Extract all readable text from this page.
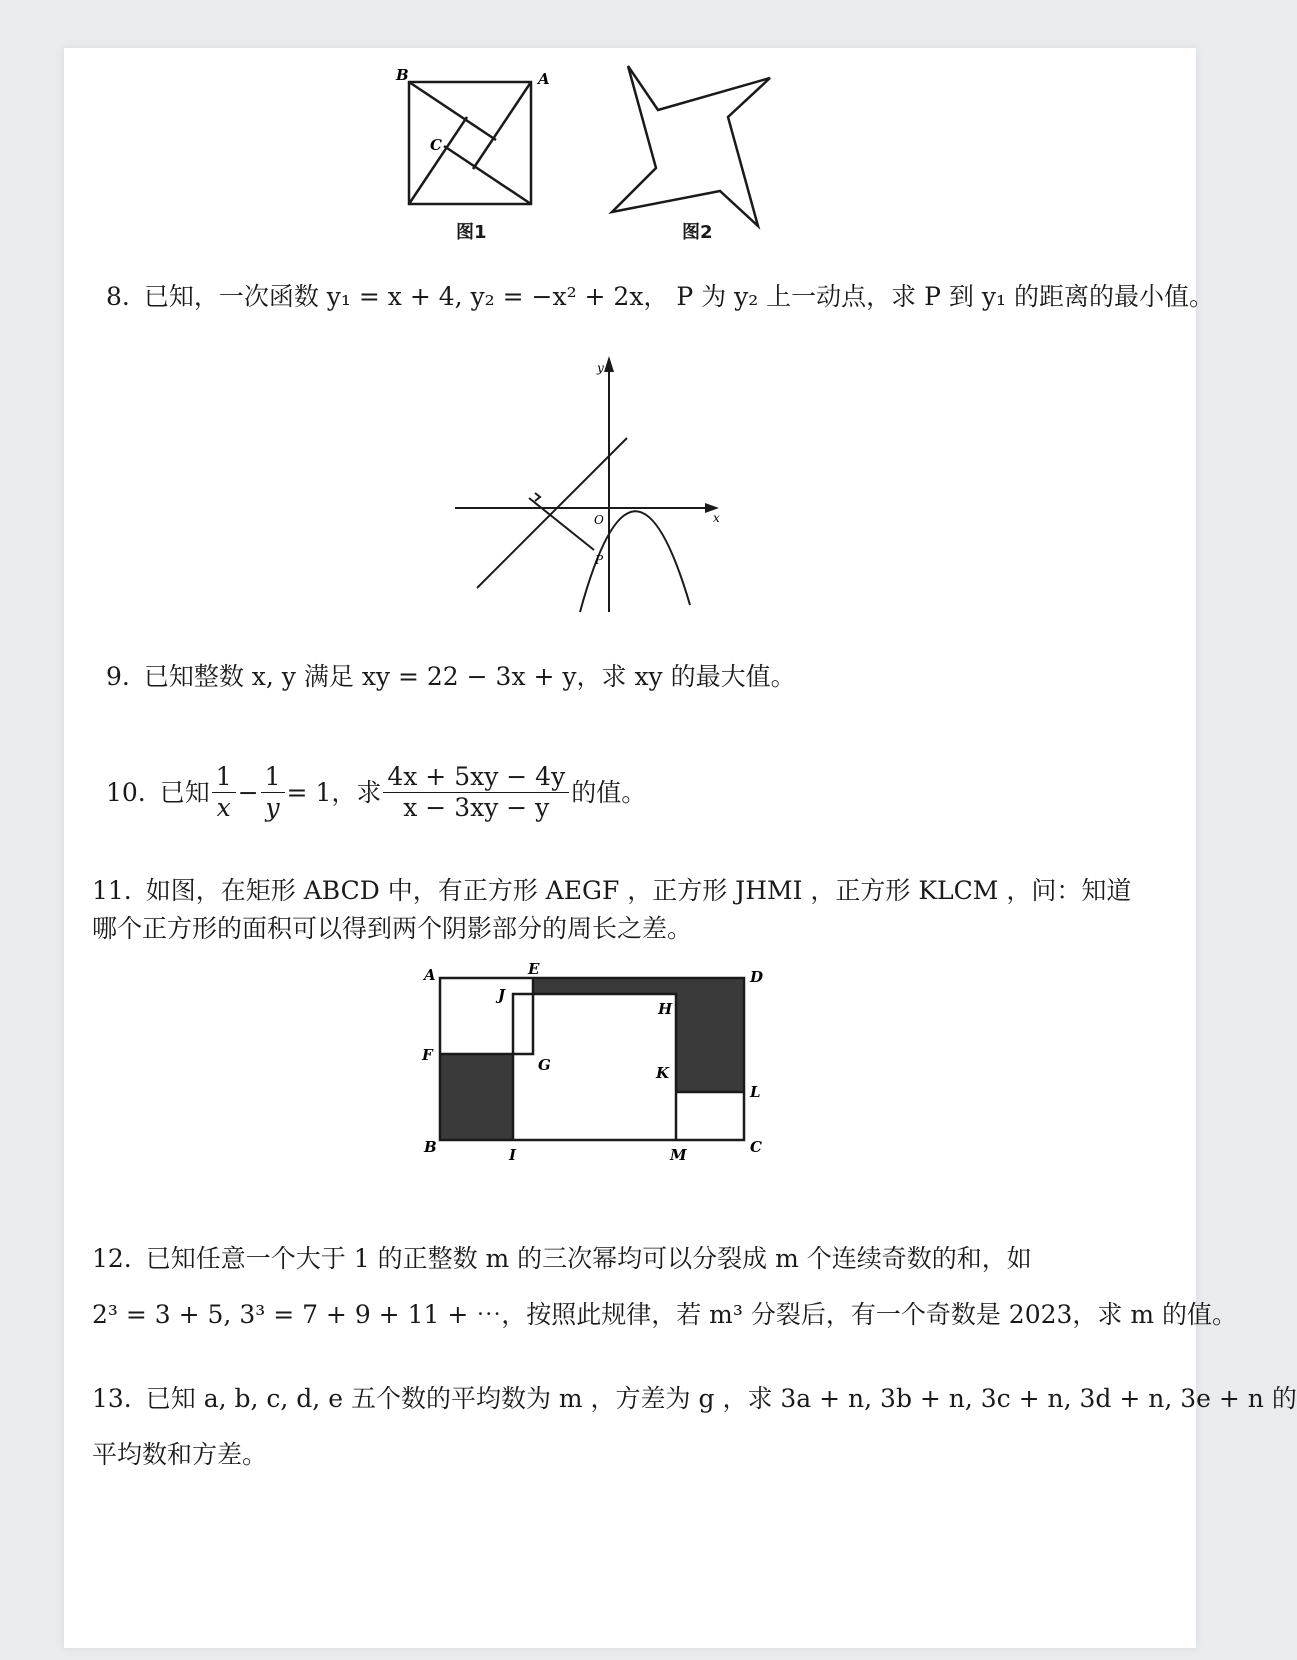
B	A
C
图1	图2
8. 已知，一次函数 y₁ = x + 4, y₂ = −x² + 2x， P 为 y₂ 上一动点，求 P 到 y₁ 的距离的最小值。
y
x
O
P
9. 已知整数 x, y 满足 xy = 22 − 3x + y，求 xy 的最大值。
10. 已知 $\frac{1}{x} - \frac{1}{y} = 1$，求 $\frac{4x + 5xy - 4y}{x - 3xy - y}$ 的值。
11. 如图，在矩形 ABCD 中，有正方形 AEGF ，正方形 JHMI ，正方形 KLCM ，问：知道
哪个正方形的面积可以得到两个阴影部分的周长之差。
A	E	D
J
H
F
G	K
L
B	I	M	C
12. 已知任意一个大于 1 的正整数 m 的三次幂均可以分裂成 m 个连续奇数的和，如
2³ = 3 + 5, 3³ = 7 + 9 + 11 + ⋯，按照此规律，若 m³ 分裂后，有一个奇数是 2023，求 m 的值。
13. 已知 a, b, c, d, e 五个数的平均数为 m ，方差为 g ，求 3a + n, 3b + n, 3c + n, 3d + n, 3e + n 的
平均数和方差。
